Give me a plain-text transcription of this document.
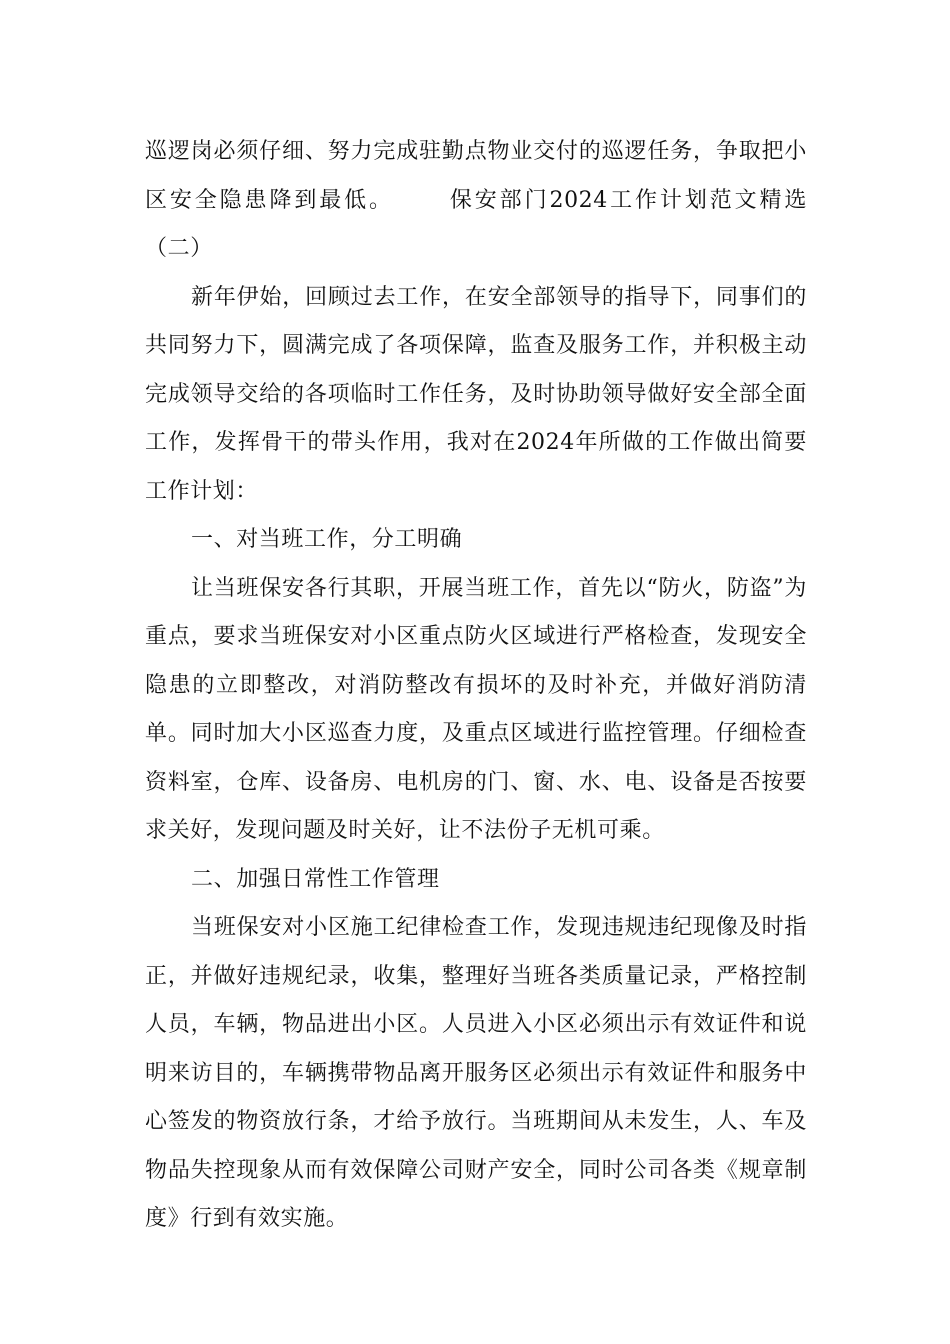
巡逻岗必须仔细、努力完成驻勤点物业交付的巡逻任务，争取把小区安全隐患降到最低。	保安部门2024工作计划范文精选（二）

新年伊始，回顾过去工作，在安全部领导的指导下，同事们的共同努力下，圆满完成了各项保障，监查及服务工作，并积极主动完成领导交给的各项临时工作任务，及时协助领导做好安全部全面工作，发挥骨干的带头作用，我对在2024年所做的工作做出简要工作计划：

一、对当班工作，分工明确

让当班保安各行其职，开展当班工作，首先以“防火，防盗”为重点，要求当班保安对小区重点防火区域进行严格检查，发现安全隐患的立即整改，对消防整改有损坏的及时补充，并做好消防清单。同时加大小区巡查力度，及重点区域进行监控管理。仔细检查资料室，仓库、设备房、电机房的门、窗、水、电、设备是否按要求关好，发现问题及时关好，让不法份子无机可乘。

二、加强日常性工作管理

当班保安对小区施工纪律检查工作，发现违规违纪现像及时指正，并做好违规纪录，收集，整理好当班各类质量记录，严格控制人员，车辆，物品进出小区。人员进入小区必须出示有效证件和说明来访目的，车辆携带物品离开服务区必须出示有效证件和服务中心签发的物资放行条，才给予放行。当班期间从未发生，人、车及物品失控现象从而有效保障公司财产安全，同时公司各类《规章制度》行到有效实施。
